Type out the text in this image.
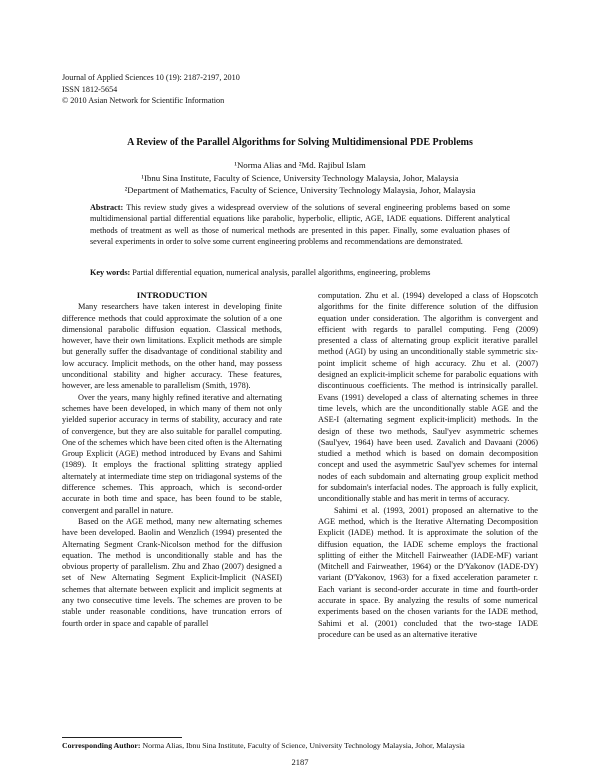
Journal of Applied Sciences 10 (19): 2187-2197, 2010
ISSN 1812-5654
© 2010 Asian Network for Scientific Information
A Review of the Parallel Algorithms for Solving Multidimensional PDE Problems
¹Norma Alias and ²Md. Rajibul Islam
¹Ibnu Sina Institute, Faculty of Science, University Technology Malaysia, Johor, Malaysia
²Department of Mathematics, Faculty of Science, University Technology Malaysia, Johor, Malaysia
Abstract: This review study gives a widespread overview of the solutions of several engineering problems based on some multidimensional partial differential equations like parabolic, hyperbolic, elliptic, AGE, IADE equations. Different analytical methods of treatment as well as those of numerical methods are presented in this paper. Finally, some evaluation phases of several experiments in order to solve some current engineering problems and recommendations are demonstrated.
Key words: Partial differential equation, numerical analysis, parallel algorithms, engineering, problems

INTRODUCTION

Many researchers have taken interest in developing finite difference methods that could approximate the solution of a one dimensional parabolic diffusion equation. Classical methods, however, have their own limitations. Explicit methods are simple but generally suffer the disadvantage of conditional stability and low accuracy. Implicit methods, on the other hand, may possess unconditional stability and higher accuracy. These features, however, are less amenable to parallelism (Smith, 1978).

Over the years, many highly refined iterative and alternating schemes have been developed, in which many of them not only yielded superior accuracy in terms of stability, accuracy and rate of convergence, but they are also suitable for parallel computing. One of the schemes which have been cited often is the Alternating Group Explicit (AGE) method introduced by Evans and Sahimi (1989). It employs the fractional splitting strategy applied alternately at intermediate time step on tridiagonal systems of the difference schemes. This approach, which is second-order accurate in both time and space, has been found to be stable, convergent and parallel in nature.

Based on the AGE method, many new alternating schemes have been developed. Baolin and Wenzlich (1994) presented the Alternating Segment Crank-Nicolson method for the diffusion equation. The method is unconditionally stable and has the obvious property of parallelism. Zhu and Zhao (2007) designed a set of New Alternating Segment Explicit-Implicit (NASEI) schemes that alternate between explicit and implicit segments at any two consecutive time levels. The schemes are proven to be stable under reasonable conditions, have truncation errors of fourth order in space and capable of parallel

computation. Zhu et al. (1994) developed a class of Hopscotch algorithms for the finite difference solution of the diffusion equation under consideration. The algorithm is convergent and efficient with regards to parallel computing. Feng (2009) presented a class of alternating group explicit iterative parallel method (AGI) by using an unconditionally stable symmetric six-point implicit scheme of high accuracy. Zhu et al. (2007) designed an explicit-implicit scheme for parabolic equations with discontinuous coefficients. The method is intrinsically parallel. Evans (1991) developed a class of alternating schemes in three time levels, which are the unconditionally stable AGE and the ASE-I (alternating segment explicit-implicit) methods. In the design of these two methods, Saul'yev asymmetric schemes (Saul'yev, 1964) have been used. Zavalich and Davaani (2006) studied a method which is based on domain decomposition concept and used the asymmetric Saul'yev schemes for internal nodes of each subdomain and alternating group explicit method for subdomain's interfacial nodes. The approach is fully explicit, unconditionally stable and has merit in terms of accuracy.

Sahimi et al. (1993, 2001) proposed an alternative to the AGE method, which is the Iterative Alternating Decomposition Explicit (IADE) method. It is approximate the solution of the diffusion equation, the IADE scheme employs the fractional splitting of either the Mitchell Fairweather (IADE-MF) variant (Mitchell and Fairweather, 1964) or the D'Yakonov (IADE-DY) variant (D'Yakonov, 1963) for a fixed acceleration parameter r. Each variant is second-order accurate in time and fourth-order accurate in space. By analyzing the results of some numerical experiments based on the chosen variants for the IADE method, Sahimi et al. (2001) concluded that the two-stage IADE procedure can be used as an alternative iterative

Corresponding Author: Norma Alias, Ibnu Sina Institute, Faculty of Science, University Technology Malaysia, Johor, Malaysia
2187
